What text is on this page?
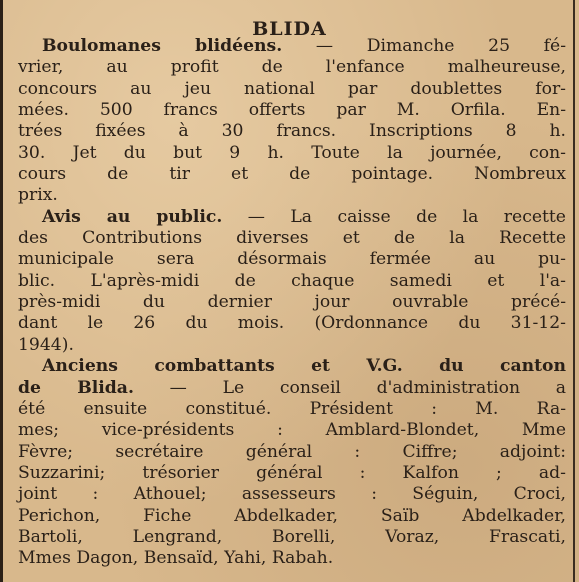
BLIDA
Boulomanes blidéens. — Dimanche 25 fé-
vrier, au profit de l'enfance malheureuse,
concours au jeu national par doublettes for-
mées. 500 francs offerts par M. Orfila. En-
trées fixées à 30 francs. Inscriptions 8 h.
30. Jet du but 9 h. Toute la journée, con-
cours de tir et de pointage. Nombreux
prix.
Avis au public. — La caisse de la recette
des Contributions diverses et de la Recette
municipale sera désormais fermée au pu-
blic. L'après-midi de chaque samedi et l'a-
près-midi du dernier jour ouvrable précé-
dant le 26 du mois. (Ordonnance du 31-12-
1944).
Anciens combattants et V.G. du canton
de Blida. — Le conseil d'administration a
été ensuite constitué. Président : M. Ra-
mes; vice-présidents : Amblard-Blondet, Mme
Fèvre; secrétaire général : Ciffre; adjoint:
Suzzarini; trésorier général : Kalfon ; ad-
joint : Athouel; assesseurs : Séguin, Croci,
Perichon, Fiche Abdelkader, Saïb Abdelkader,
Bartoli, Lengrand, Borelli, Voraz, Frascati,
Mmes Dagon, Bensaïd, Yahi, Rabah.
